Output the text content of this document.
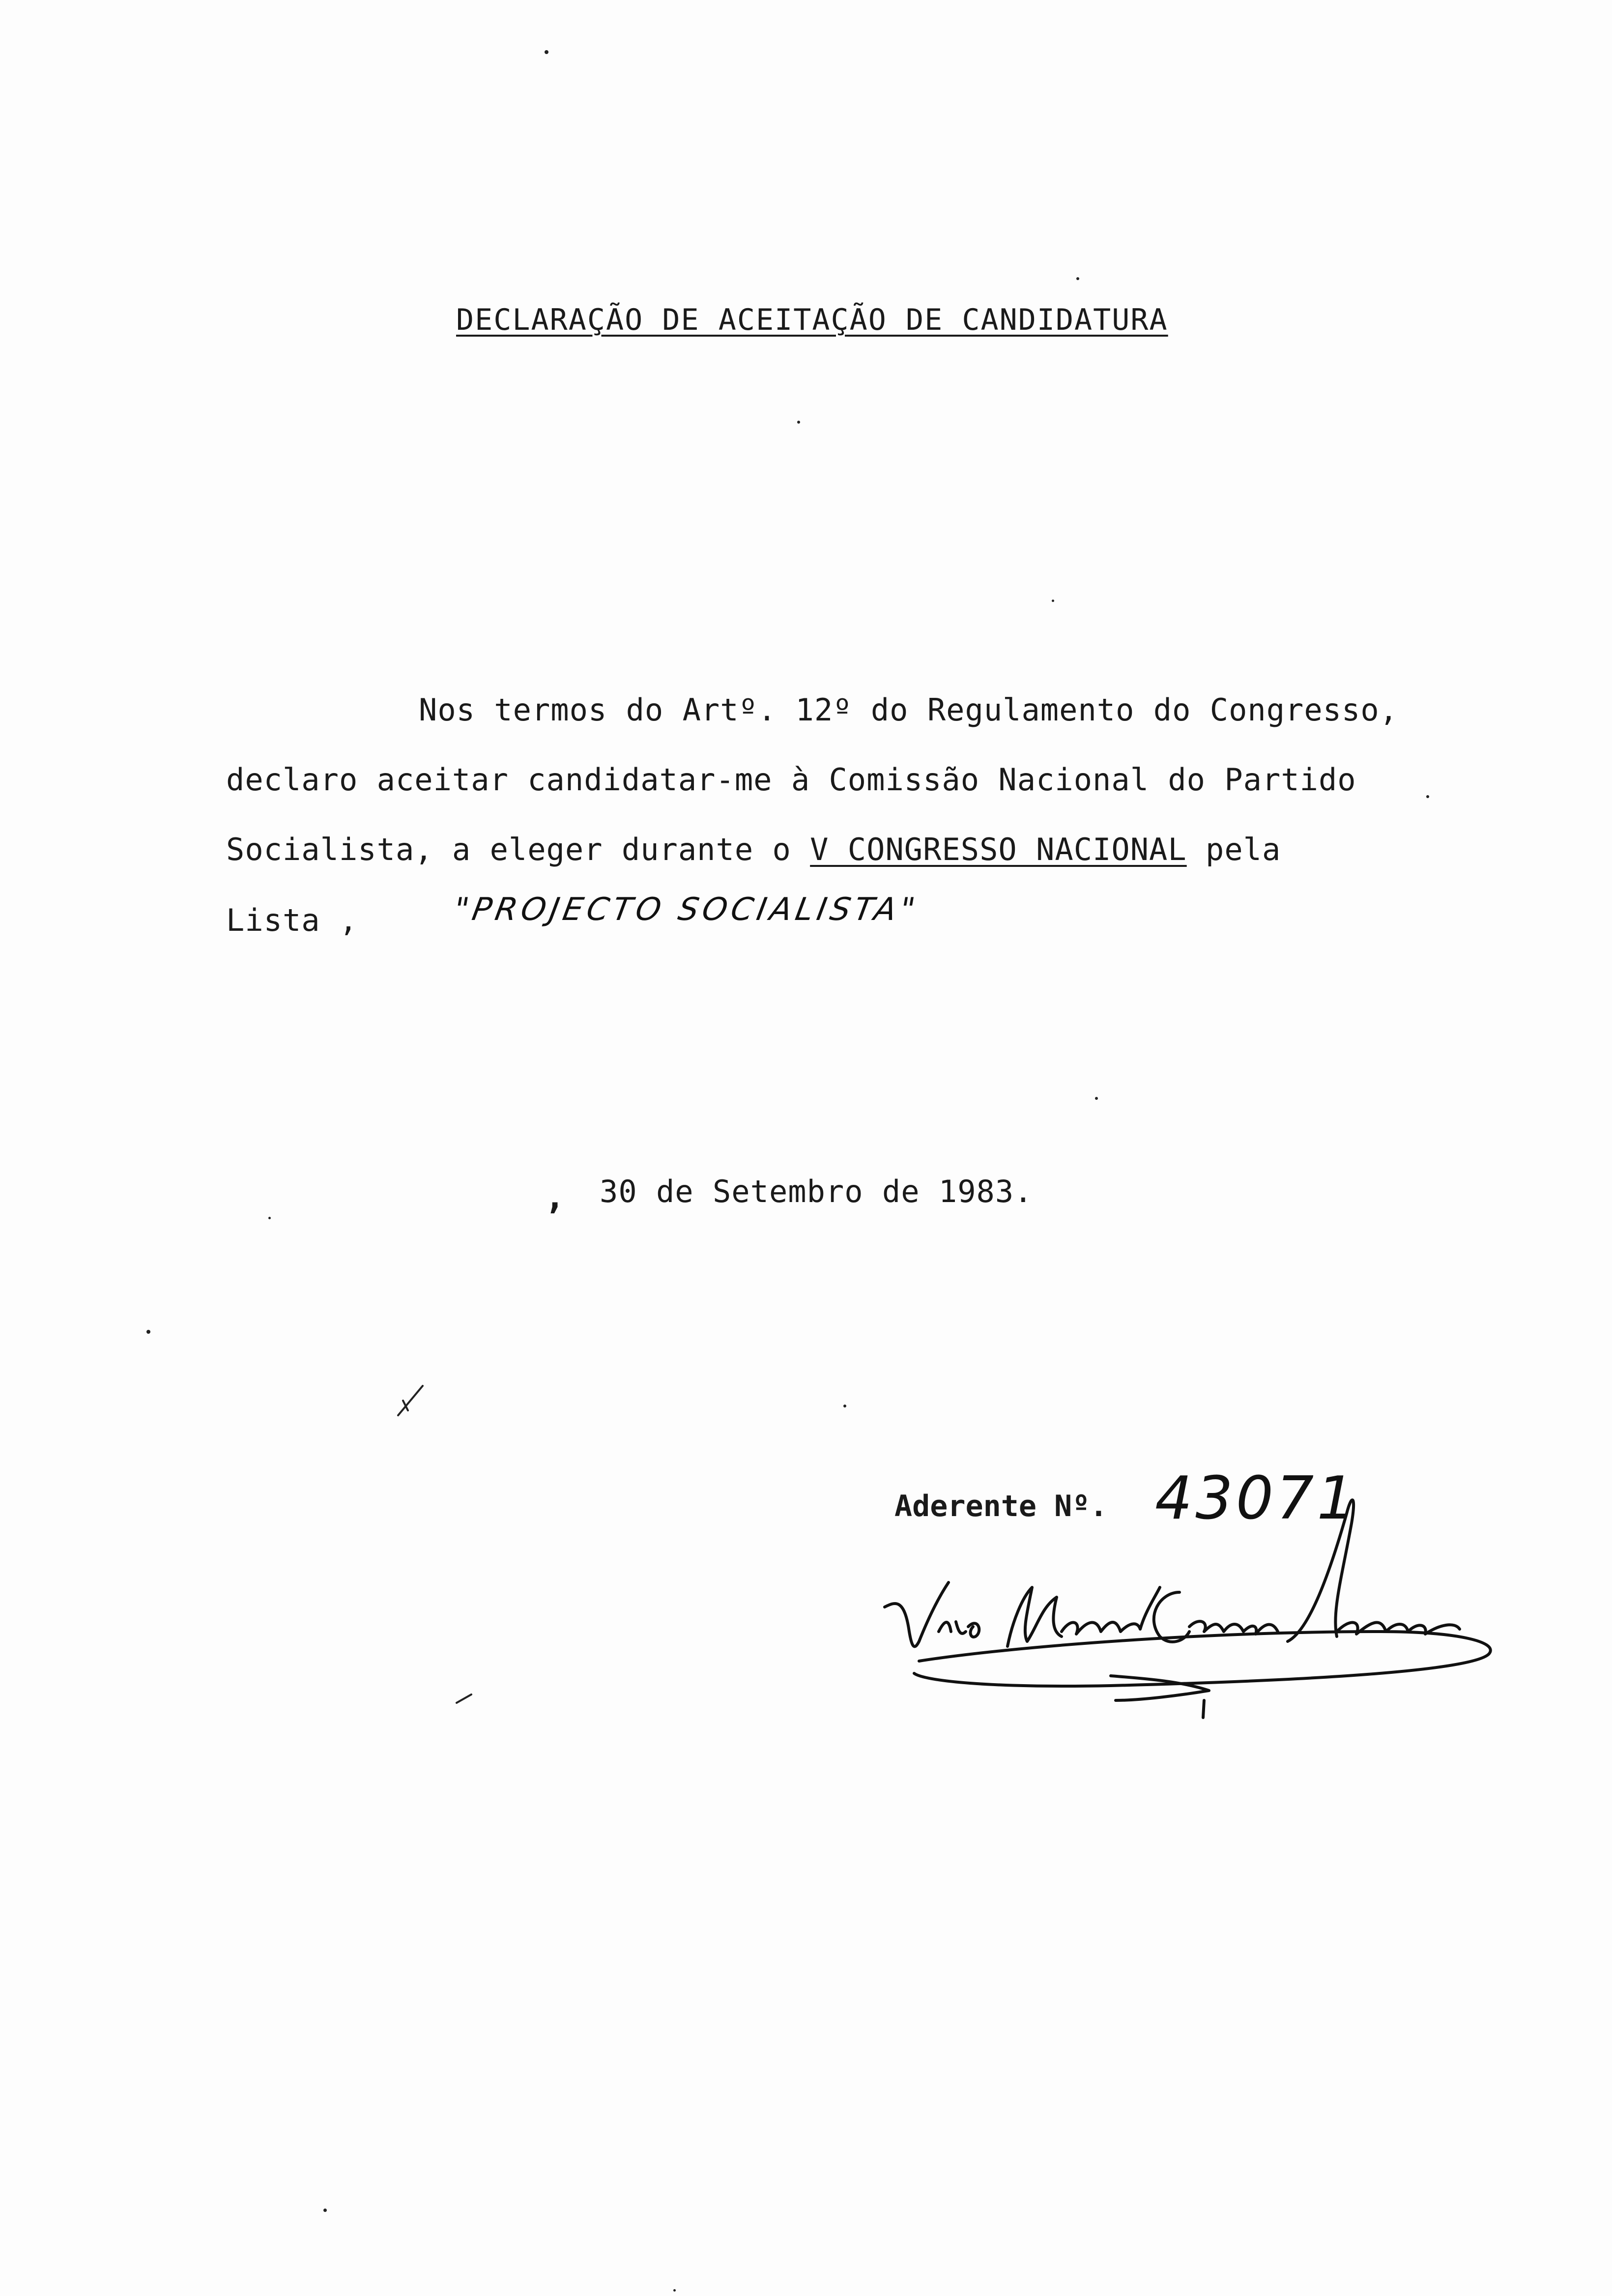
DECLARAÇÃO DE ACEITAÇÃO DE CANDIDATURA
Nos termos do Artº. 12º do Regulamento do Congresso,
declaro aceitar candidatar-me à Comissão Nacional do Partido
Socialista, a eleger durante o V CONGRESSO NACIONAL pela
Lista ,	"PROJECTO SOCIALISTA"
, 30 de Setembro de 1983.
Aderente Nº. 43071
